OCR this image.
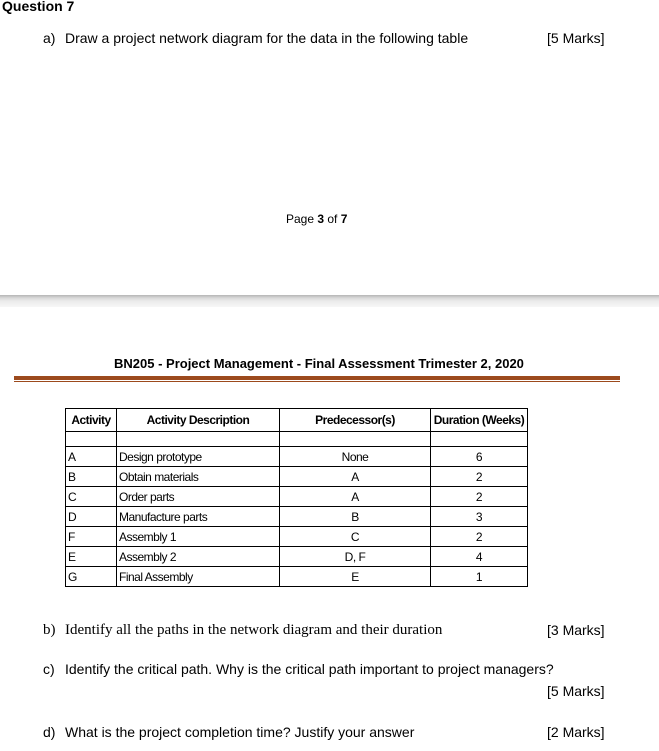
Question 7
a) Draw a project network diagram for the data in the following table	[5 Marks]
Page 3 of 7
BN205 - Project Management - Final Assessment Trimester 2, 2020
Activity	Activity Description	Predecessor(s)	Duration (Weeks)

A	Design prototype	None	6
B	Obtain materials	A	2
C	Order parts	A	2
D	Manufacture parts	B	3
F	Assembly 1	C	2
E	Assembly 2	D, F	4
G	Final Assembly	E	1
b) Identify all the paths in the network diagram and their duration	[3 Marks]
c) Identify the critical path. Why is the critical path important to project managers?
[5 Marks]
d) What is the project completion time? Justify your answer	[2 Marks]
